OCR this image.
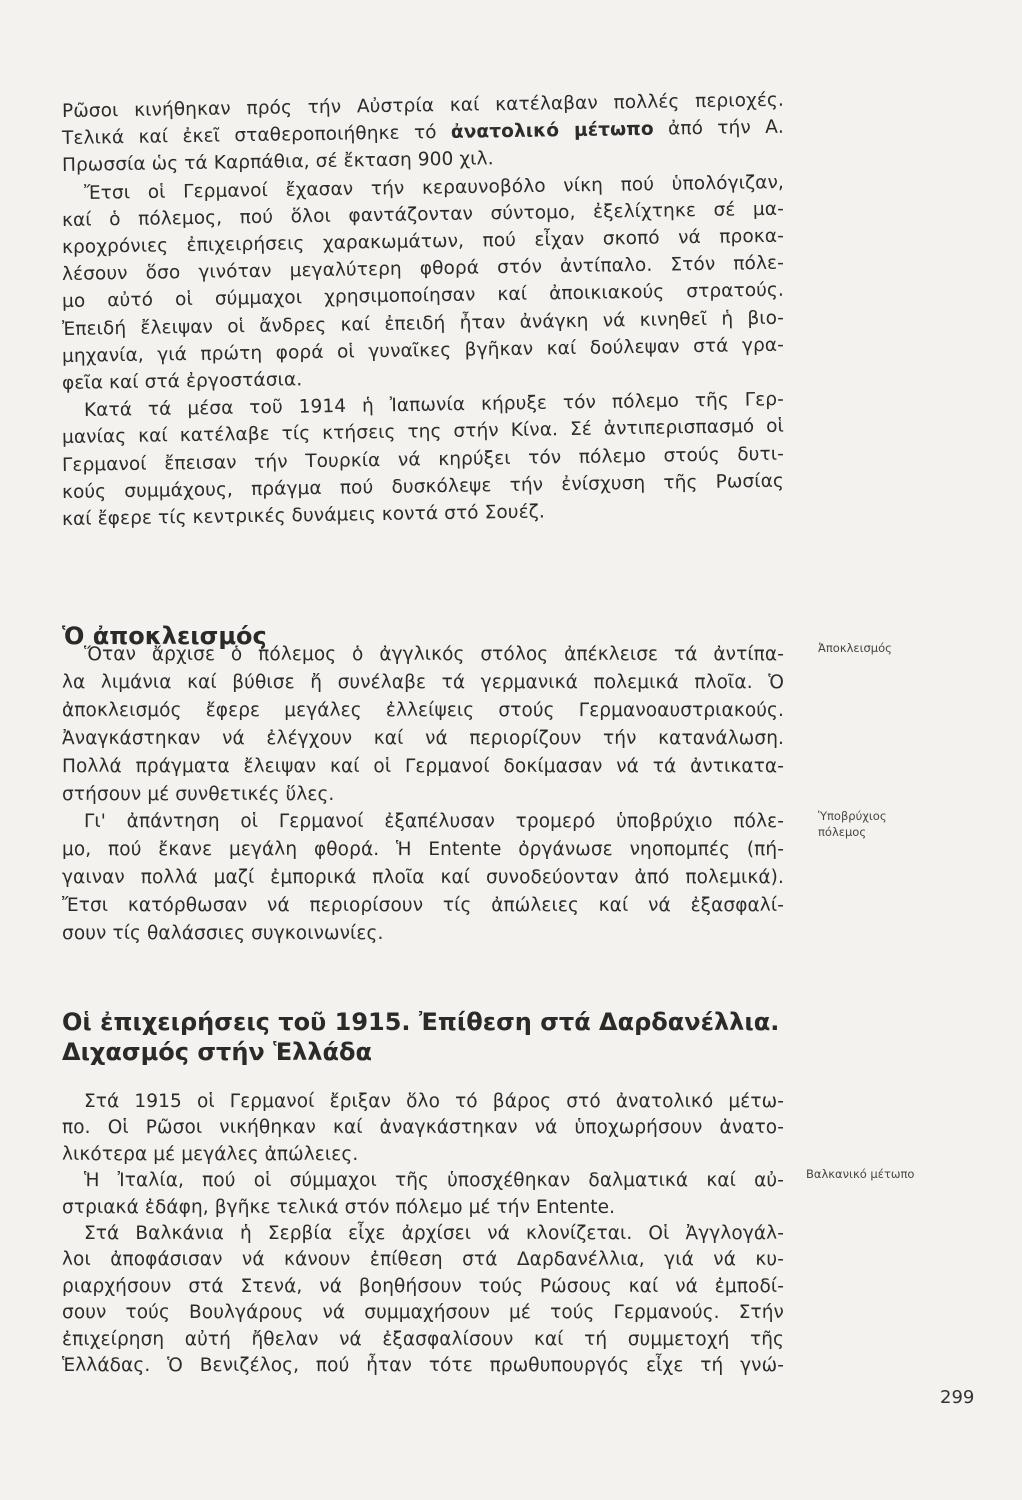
Ὁ ἀποκλεισμός
Οἱ ἐπιχειρήσεις τοῦ 1915. Ἐπίθεση στά Δαρδανέλλια.
Διχασμός στήν Ἑλλάδα
Ἀποκλεισμός
Ὑποβρύχιος
πόλεμος
Βαλκανικό μέτωπο
299
Ρῶσοι κινήθηκαν πρός τήν Αὐστρία καί κατέλαβαν πολλές περιοχές.
Τελικά καί ἐκεῖ σταθεροποιήθηκε τό ἀνατολικό μέτωπο ἀπό τήν Α.
Πρωσσία ὡς τά Καρπάθια, σέ ἔκταση 900 χιλ.
Ἔτσι οἱ Γερμανοί ἔχασαν τήν κεραυνοβόλο νίκη πού ὑπολόγιζαν,
καί ὁ πόλεμος, πού ὅλοι φαντάζονταν σύντομο, ἐξελίχτηκε σέ μα-
κροχρόνιες ἐπιχειρήσεις χαρακωμάτων, πού εἶχαν σκοπό νά προκα-
λέσουν ὅσο γινόταν μεγαλύτερη φθορά στόν ἀντίπαλο. Στόν πόλε-
μο αὐτό οἱ σύμμαχοι χρησιμοποίησαν καί ἀποικιακούς στρατούς.
Ἐπειδή ἔλειψαν οἱ ἄνδρες καί ἐπειδή ἦταν ἀνάγκη νά κινηθεῖ ἡ βιο-
μηχανία, γιά πρώτη φορά οἱ γυναῖκες βγῆκαν καί δούλεψαν στά γρα-
φεῖα καί στά ἐργοστάσια.
Κατά τά μέσα τοῦ 1914 ἡ Ἰαπωνία κήρυξε τόν πόλεμο τῆς Γερ-
μανίας καί κατέλαβε τίς κτήσεις της στήν Κίνα. Σέ ἀντιπερισπασμό οἱ
Γερμανοί ἔπεισαν τήν Τουρκία νά κηρύξει τόν πόλεμο στούς δυτι-
κούς συμμάχους, πράγμα πού δυσκόλεψε τήν ἐνίσχυση τῆς Ρωσίας
καί ἔφερε τίς κεντρικές δυνάμεις κοντά στό Σουέζ.
Ὅταν ἄρχισε ὁ πόλεμος ὁ ἀγγλικός στόλος ἀπέκλεισε τά ἀντίπα-
λα λιμάνια καί βύθισε ἤ συνέλαβε τά γερμανικά πολεμικά πλοῖα. Ὁ
ἀποκλεισμός ἔφερε μεγάλες ἐλλείψεις στούς Γερμανοαυστριακούς.
Ἀναγκάστηκαν νά ἐλέγχουν καί νά περιορίζουν τήν κατανάλωση.
Πολλά πράγματα ἔλειψαν καί οἱ Γερμανοί δοκίμασαν νά τά ἀντικατα-
στήσουν μέ συνθετικές ὕλες.
Γι' ἀπάντηση οἱ Γερμανοί ἐξαπέλυσαν τρομερό ὑποβρύχιο πόλε-
μο, πού ἔκανε μεγάλη φθορά. Ἡ Entente ὀργάνωσε νηοπομπές (πή-
γαιναν πολλά μαζί ἐμπορικά πλοῖα καί συνοδεύονταν ἀπό πολεμικά).
Ἔτσι κατόρθωσαν νά περιορίσουν τίς ἀπώλειες καί νά ἐξασφαλί-
σουν τίς θαλάσσιες συγκοινωνίες.
Στά 1915 οἱ Γερμανοί ἔριξαν ὅλο τό βάρος στό ἀνατολικό μέτω-
πο. Οἱ Ρῶσοι νικήθηκαν καί ἀναγκάστηκαν νά ὑποχωρήσουν ἀνατο-
λικότερα μέ μεγάλες ἀπώλειες.
Ἡ Ἰταλία, πού οἱ σύμμαχοι τῆς ὑποσχέθηκαν δαλματικά καί αὐ-
στριακά ἐδάφη, βγῆκε τελικά στόν πόλεμο μέ τήν Entente.
Στά Βαλκάνια ἡ Σερβία εἶχε ἀρχίσει νά κλονίζεται. Οἱ Ἀγγλογάλ-
λοι ἀποφάσισαν νά κάνουν ἐπίθεση στά Δαρδανέλλια, γιά νά κυ-
ριαρχήσουν στά Στενά, νά βοηθήσουν τούς Ρώσους καί νά ἐμποδί-
σουν τούς Βουλγάρους νά συμμαχήσουν μέ τούς Γερμανούς. Στήν
ἐπιχείρηση αὐτή ἤθελαν νά ἐξασφαλίσουν καί τή συμμετοχή τῆς
Ἑλλάδας. Ὁ Βενιζέλος, πού ἦταν τότε πρωθυπουργός εἶχε τή γνώ-
